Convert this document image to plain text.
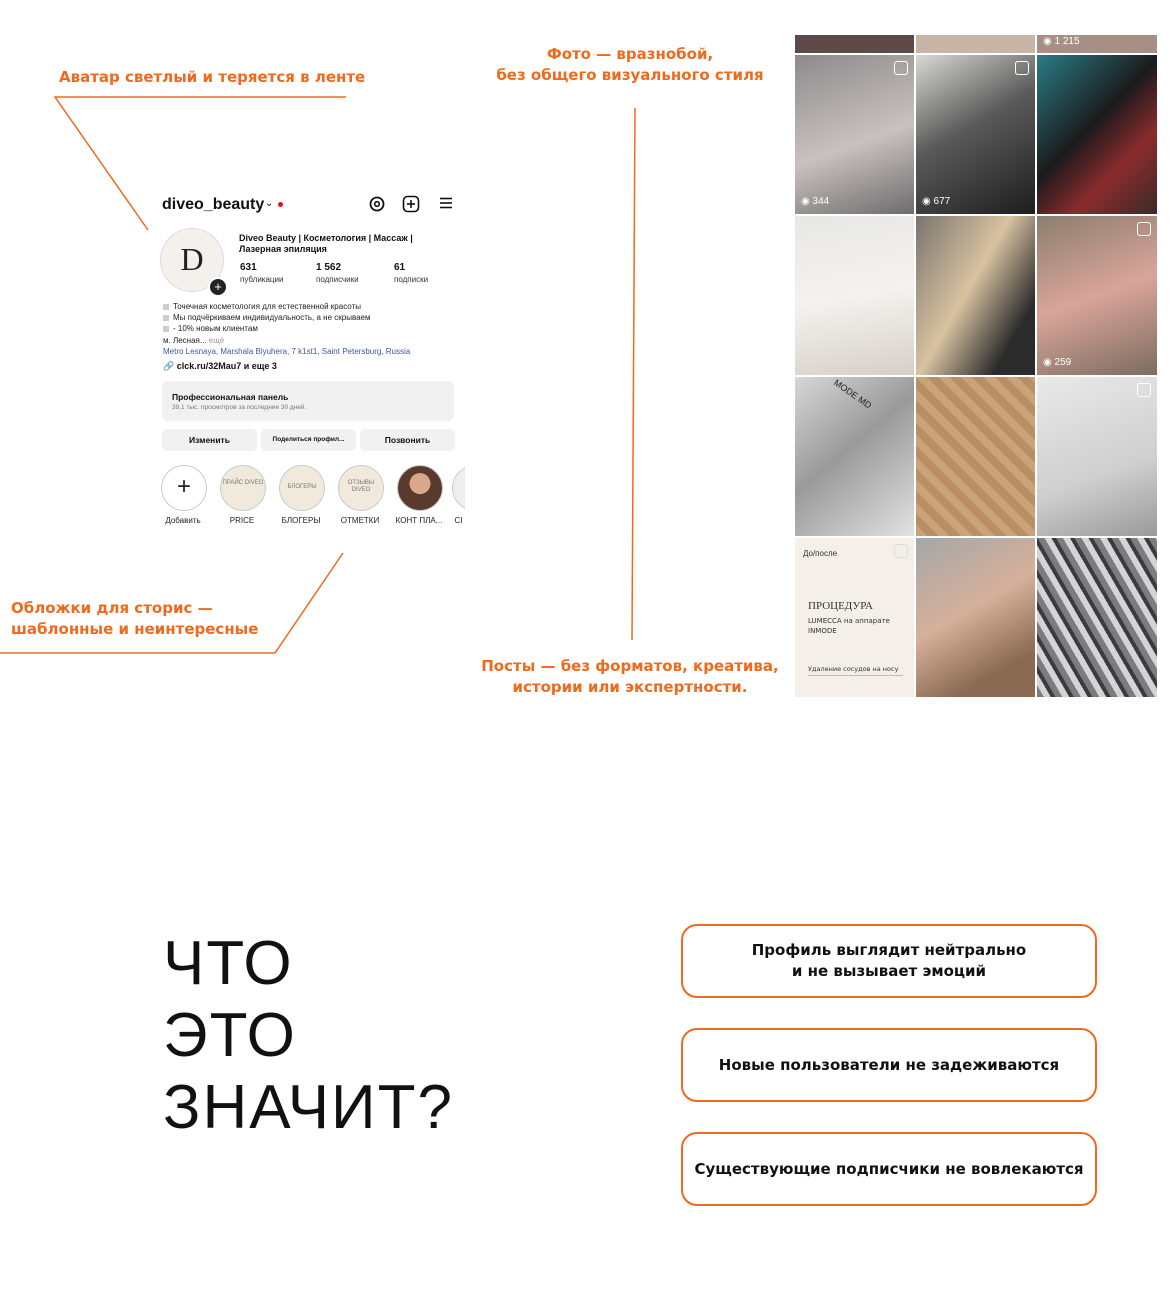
Аватар светлый и теряется в ленте
Фото — вразнобой,
без общего визуального стиля
Обложки для сторис —
шаблонные и неинтересные
Посты — без форматов, креатива,
истории или экспертности.
diveo_beauty ⌄
D
+
Diveo Beauty | Косметология | Массаж |
Лазерная эпиляция
631
публикации
1 562
подписчики
61
подписки
Точечная косметология для естественной красоты
Мы подчёркиваем индивидуальность, а не скрываем
- 10% новым клиентам
м. Лесная... ещё
Metro Lesnaya, Marshala Blyuhera, 7 k1st1, Saint Petersburg, Russia
🔗 clck.ru/32Mau7 и еще 3
Профессиональная панель
39,1 тыс. просмотров за последние 30 дней.
Изменить	Поделиться профил...	Позвонить
+
Добавить
ПРАЙС DIVEO
PRICE
БЛОГЕРЫ
БЛОГЕРЫ
ОТЗЫВЫ DIVEO
ОТМЕТКИ	КОНТ ПЛА...	СІ
◉ 1 215
◉ 344	◉ 677
◉ 259
MODE MD
До/после
ПРОЦЕДУРА
LUMECCA на аппарате
INMODE
Удаление сосудов на носу
ЧТО
ЭТО
ЗНАЧИТ?
Профиль выглядит нейтрально
и не вызывает эмоций
Новые пользователи не задеживаются
Существующие подписчики не вовлекаются
